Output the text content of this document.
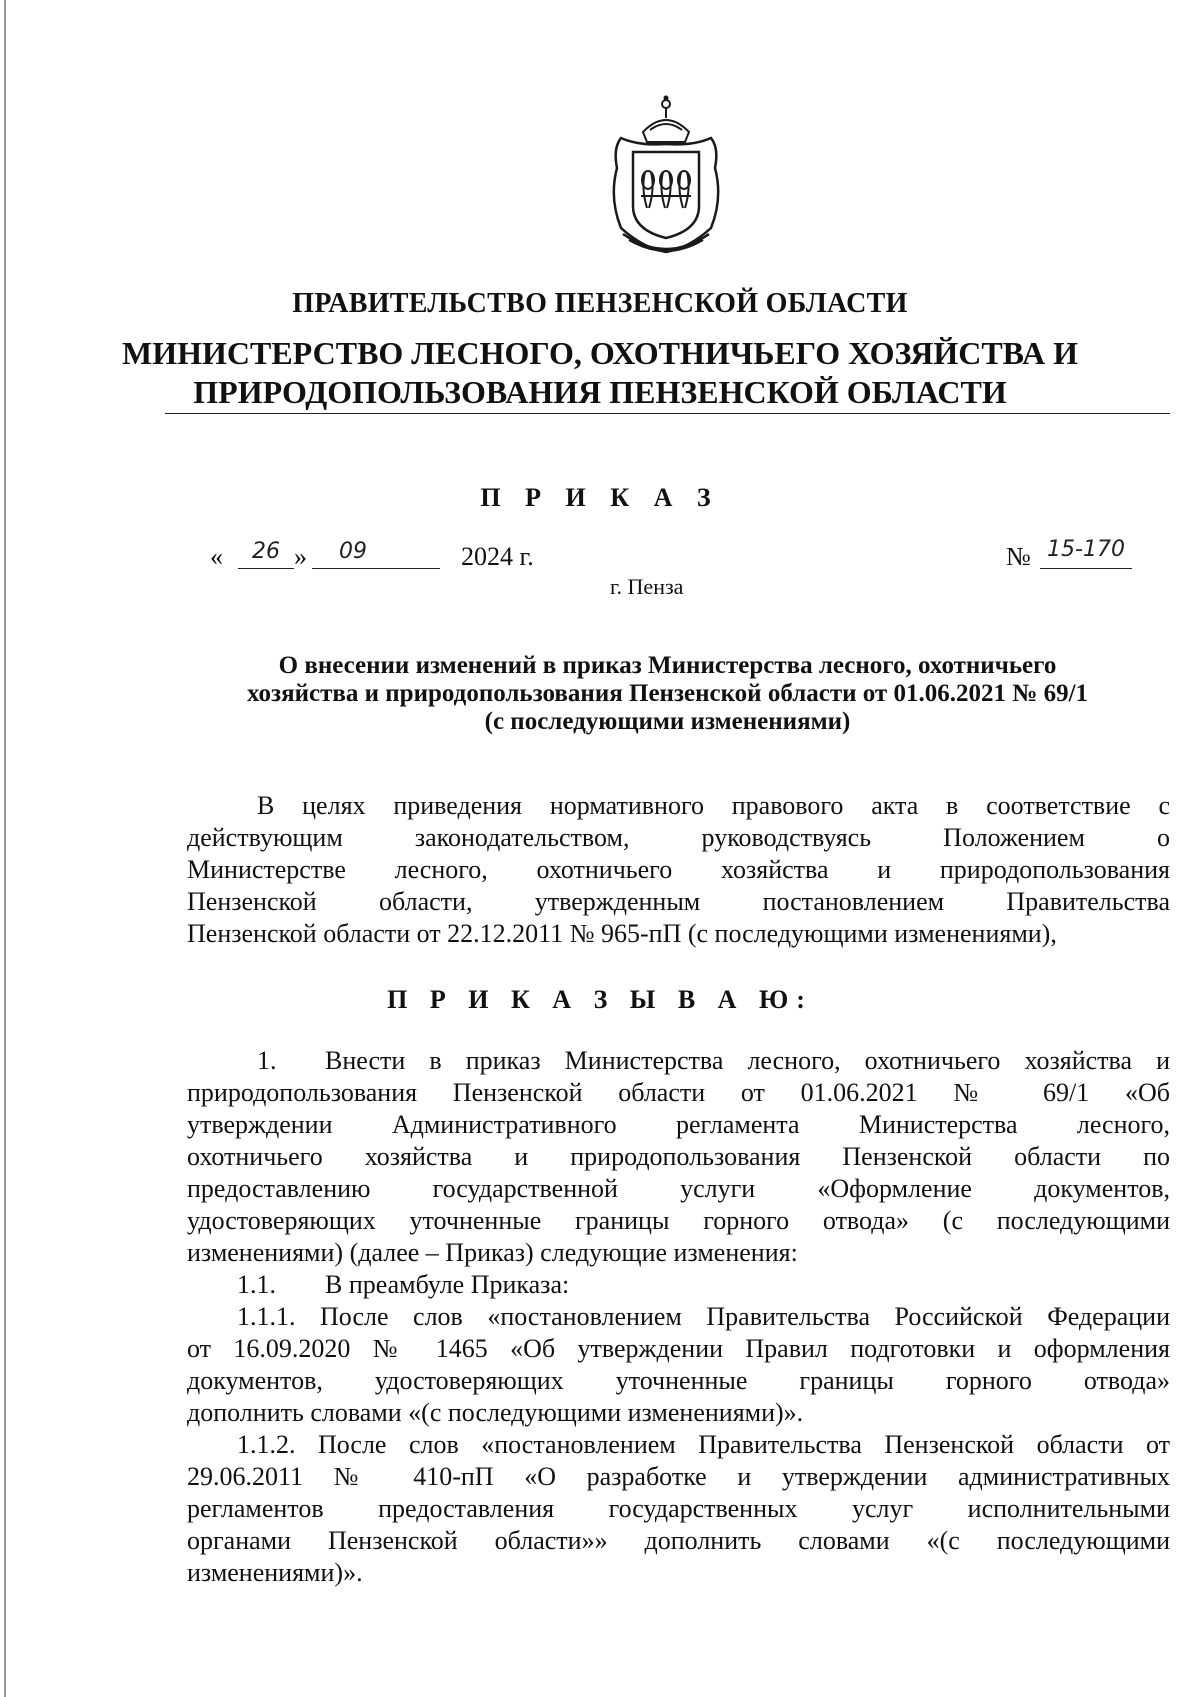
ПРАВИТЕЛЬСТВО ПЕНЗЕНСКОЙ ОБЛАСТИ
МИНИСТЕРСТВО ЛЕСНОГО, ОХОТНИЧЬЕГО ХОЗЯЙСТВА И
ПРИРОДОПОЛЬЗОВАНИЯ ПЕНЗЕНСКОЙ ОБЛАСТИ
П Р И К А З
«	26 »	09	2024 г.	№ 15-170
г. Пенза
О внесении изменений в приказ Министерства лесного, охотничьего
хозяйства и природопользования Пензенской области от 01.06.2021 № 69/1
(с последующими изменениями)
В целях приведения нормативного правового акта в соответствие с
действующим законодательством, руководствуясь Положением о
Министерстве лесного, охотничьего хозяйства и природопользования
Пензенской области, утвержденным постановлением Правительства
Пензенской области от 22.12.2011 № 965-пП (с последующими изменениями),
П Р И К А З Ы В А Ю:
1.	Внести в приказ Министерства лесного, охотничьего хозяйства и
природопользования Пензенской области от 01.06.2021 № 69/1 «Об
утверждении Административного регламента Министерства лесного,
охотничьего хозяйства и природопользования Пензенской области по
предоставлению государственной услуги «Оформление документов,
удостоверяющих уточненные границы горного отвода» (с последующими
изменениями) (далее – Приказ) следующие изменения:
1.1.	В преамбуле Приказа:
1.1.1. После слов «постановлением Правительства Российской Федерации
от 16.09.2020 № 1465 «Об утверждении Правил подготовки и оформления
документов, удостоверяющих уточненные границы горного отвода»
дополнить словами «(с последующими изменениями)».
1.1.2. После слов «постановлением Правительства Пензенской области от
29.06.2011 № 410-пП «О разработке и утверждении административных
регламентов предоставления государственных услуг исполнительными
органами Пензенской области»» дополнить словами «(с последующими
изменениями)».
